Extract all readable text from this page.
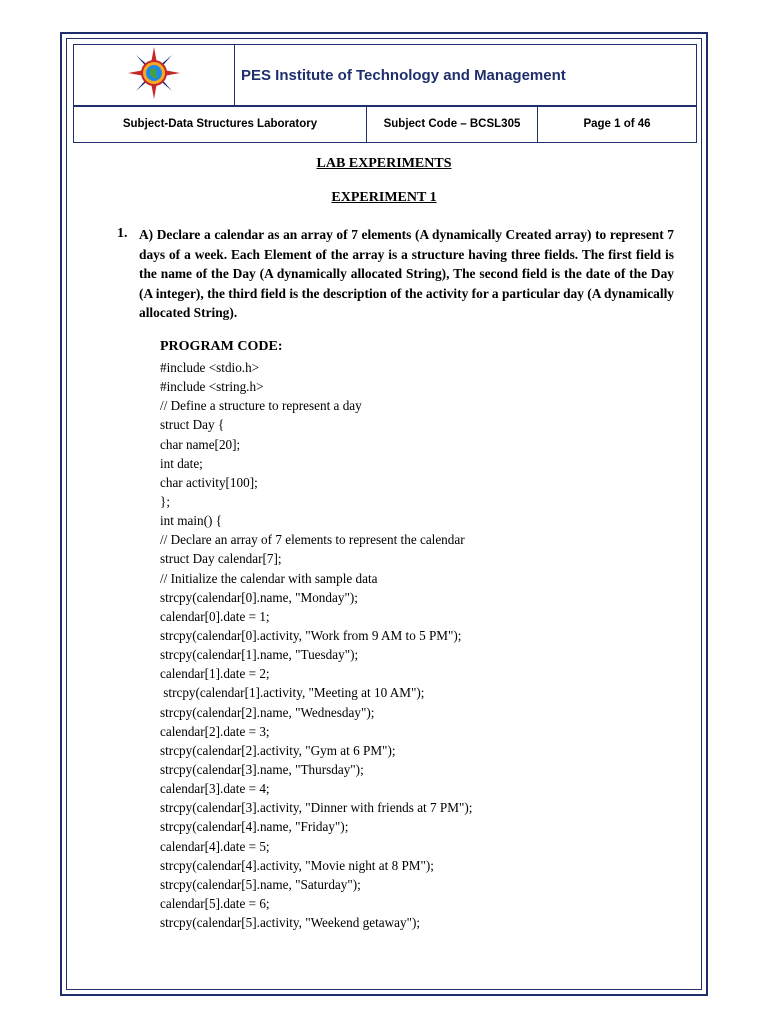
	PES Institute of Technology and Management
Subject-Data Structures Laboratory	Subject Code – BCSL305	Page 1 of 46
LAB EXPERIMENTS
EXPERIMENT 1
1. A) Declare a calendar as an array of 7 elements (A dynamically Created array) to represent 7 days of a week. Each Element of the array is a structure having three fields. The first field is the name of the Day (A dynamically allocated String), The second field is the date of the Day (A integer), the third field is the description of the activity for a particular day (A dynamically allocated String).
PROGRAM CODE:
#include <stdio.h>
#include <string.h>
// Define a structure to represent a day
struct Day {
char name[20];
int date;
char activity[100];
};
int main() {
// Declare an array of 7 elements to represent the calendar
struct Day calendar[7];
// Initialize the calendar with sample data
strcpy(calendar[0].name, "Monday");
calendar[0].date = 1;
strcpy(calendar[0].activity, "Work from 9 AM to 5 PM");
strcpy(calendar[1].name, "Tuesday");
calendar[1].date = 2;
strcpy(calendar[1].activity, "Meeting at 10 AM");
strcpy(calendar[2].name, "Wednesday");
calendar[2].date = 3;
strcpy(calendar[2].activity, "Gym at 6 PM");
strcpy(calendar[3].name, "Thursday");
calendar[3].date = 4;
strcpy(calendar[3].activity, "Dinner with friends at 7 PM");
strcpy(calendar[4].name, "Friday");
calendar[4].date = 5;
strcpy(calendar[4].activity, "Movie night at 8 PM");
strcpy(calendar[5].name, "Saturday");
calendar[5].date = 6;
strcpy(calendar[5].activity, "Weekend getaway");
